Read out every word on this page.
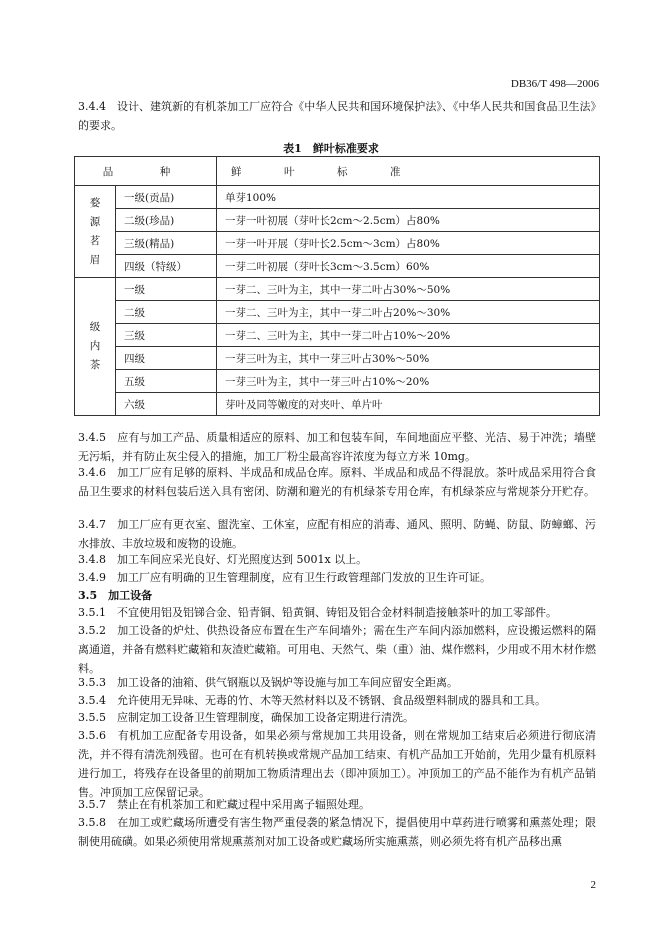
DB36/T 498—2006
3.4.4　设计、建筑新的有机茶加工厂应符合《中华人民共和国环境保护法》、《中华人民共和国食品卫生法》的要求。
表1　鲜叶标准要求
品　种		鲜　叶　标　准

婺源茗眉	一级(贡品)	单芽100%
	二级(珍品)	一芽一叶初展（芽叶长2cm～2.5cm）占80%
	三级(精品)	一芽一叶开展（芽叶长2.5cm～3cm）占80%
	四级（特级）	一芽二叶初展（芽叶长3cm～3.5cm）60%

级内茶	一级	一芽二、三叶为主，其中一芽二叶占30%～50%
	二级	一芽二、三叶为主，其中一芽二叶占20%～30%
	三级	一芽二、三叶为主，其中一芽二叶占10%～20%
	四级	一芽三叶为主，其中一芽三叶占30%～50%
	五级	一芽三叶为主，其中一芽三叶占10%～20%
	六级	芽叶及同等嫩度的对夹叶、单片叶
3.4.5　应有与加工产品、质量相适应的原料、加工和包装车间，车间地面应平整、光洁、易于冲洗；墙壁无污垢，并有防止灰尘侵入的措施，加工厂粉尘最高容许浓度为每立方米 10mg。
3.4.6　加工厂应有足够的原料、半成品和成品仓库。原料、半成品和成品不得混放。茶叶成品采用符合食品卫生要求的材料包装后送入具有密闭、防潮和避光的有机绿茶专用仓库，有机绿茶应与常规茶分开贮存。
3.4.7　加工厂应有更衣室、盥洗室、工休室，应配有相应的消毒、通风、照明、防蝇、防鼠、防蟑螂、污水排放、丰放垃圾和废物的设施。
3.4.8　加工车间应采光良好、灯光照度达到 5001x 以上。
3.4.9　加工厂应有明确的卫生管理制度，应有卫生行政管理部门发放的卫生许可证。
3.5　加工设备
3.5.1　不宜使用铝及铝锑合金、铅青铜、铅黄铜、铸铝及铝合金材料制造接触茶叶的加工零部件。
3.5.2　加工设备的炉灶、供热设备应布置在生产车间墙外；需在生产车间内添加燃料，应设搬运燃料的隔离通道，并备有燃料贮藏箱和灰渣贮藏箱。可用电、天然气、柴（重）油、煤作燃料，少用或不用木材作燃料。
3.5.3　加工设备的油箱、供气钢瓶以及锅炉等设施与加工车间应留安全距离。
3.5.4　允许使用无异味、无毒的竹、木等天然材料以及不锈钢、食品级塑料制成的器具和工具。
3.5.5　应制定加工设备卫生管理制度，确保加工设备定期进行清洗。
3.5.6　有机加工应配备专用设备，如果必须与常规加工共用设备，则在常规加工结束后必须进行彻底清洗，并不得有清洗剂残留。也可在有机转换或常规产品加工结束、有机产品加工开始前，先用少量有机原料进行加工，将残存在设备里的前期加工物质清理出去（即冲顶加工）。冲顶加工的产品不能作为有机产品销售。冲顶加工应保留记录。
3.5.7　禁止在有机茶加工和贮藏过程中采用离子辐照处理。
3.5.8　在加工或贮藏场所遭受有害生物严重侵袭的紧急情况下，提倡使用中草药进行喷雾和熏蒸处理；限制使用硫磺。如果必须使用常规熏蒸剂对加工设备或贮藏场所实施熏蒸，则必须先将有机产品移出熏
2
